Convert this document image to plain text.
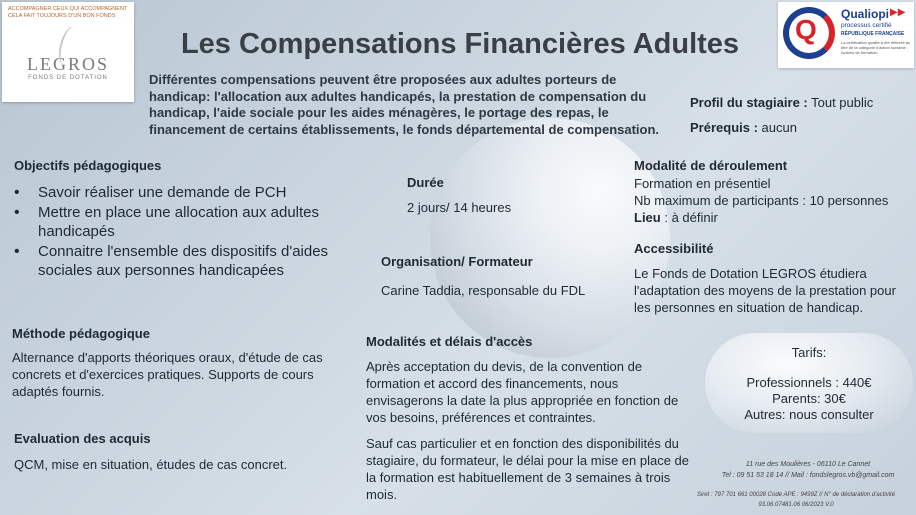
ACCOMPAGNER CEUX QUI ACCOMPAGNENT
CELA FAIT TOUJOURS D'UN BON FONDS
LEGROS
FONDS DE DOTATION
Q Qualiopi ▶▶
processus certifié
RÉPUBLIQUE FRANÇAISE
La certification qualité a été délivrée au titre de la catégorie d'action suivante : Actions de formation
Les Compensations Financières Adultes
Différentes compensations peuvent être proposées aux adultes porteurs de handicap: l'allocation aux adultes handicapés, la prestation de compensation du handicap, l'aide sociale pour les aides ménagères, le portage des repas, le financement de certains établissements, le fonds départemental de compensation.
Profil du stagiaire : Tout public
Prérequis : aucun
Objectifs pédagogiques
• Savoir réaliser une demande de PCH
• Mettre en place une allocation aux adultes handicapés
• Connaitre l'ensemble des dispositifs d'aides sociales aux personnes handicapées
Durée
2 jours/ 14 heures
Organisation/ Formateur
Carine Taddia, responsable du FDL
Modalité de déroulement
Formation en présentiel
Nb maximum de participants : 10 personnes
Lieu : à définir
Accessibilité
Le Fonds de Dotation LEGROS étudiera l'adaptation des moyens de la prestation pour les personnes en situation de handicap.
Méthode pédagogique
Alternance d'apports théoriques oraux, d'étude de cas concrets et d'exercices pratiques. Supports de cours adaptés fournis.
Modalités et délais d'accès
Après acceptation du devis, de la convention de formation et accord des financements, nous envisagerons la date la plus appropriée en fonction de vos besoins, préférences et contraintes.
Sauf cas particulier et en fonction des disponibilités du stagiaire, du formateur, le délai pour la mise en place de la formation est habituellement de 3 semaines à trois mois.
Evaluation des acquis
QCM, mise en situation, études de cas concret.
Tarifs:
Professionnels : 440€
Parents: 30€
Autres: nous consulter
11 rue des Moulières - 06110 Le Cannet
Tel : 09 51 53 18 14 // Mail : fondslegros.vb@gmail.com
Siret : 797 701 661 00028 Code APE : 9499Z // N° de déclaration d'activité
93.06.07481.06 06/2023 V.0
